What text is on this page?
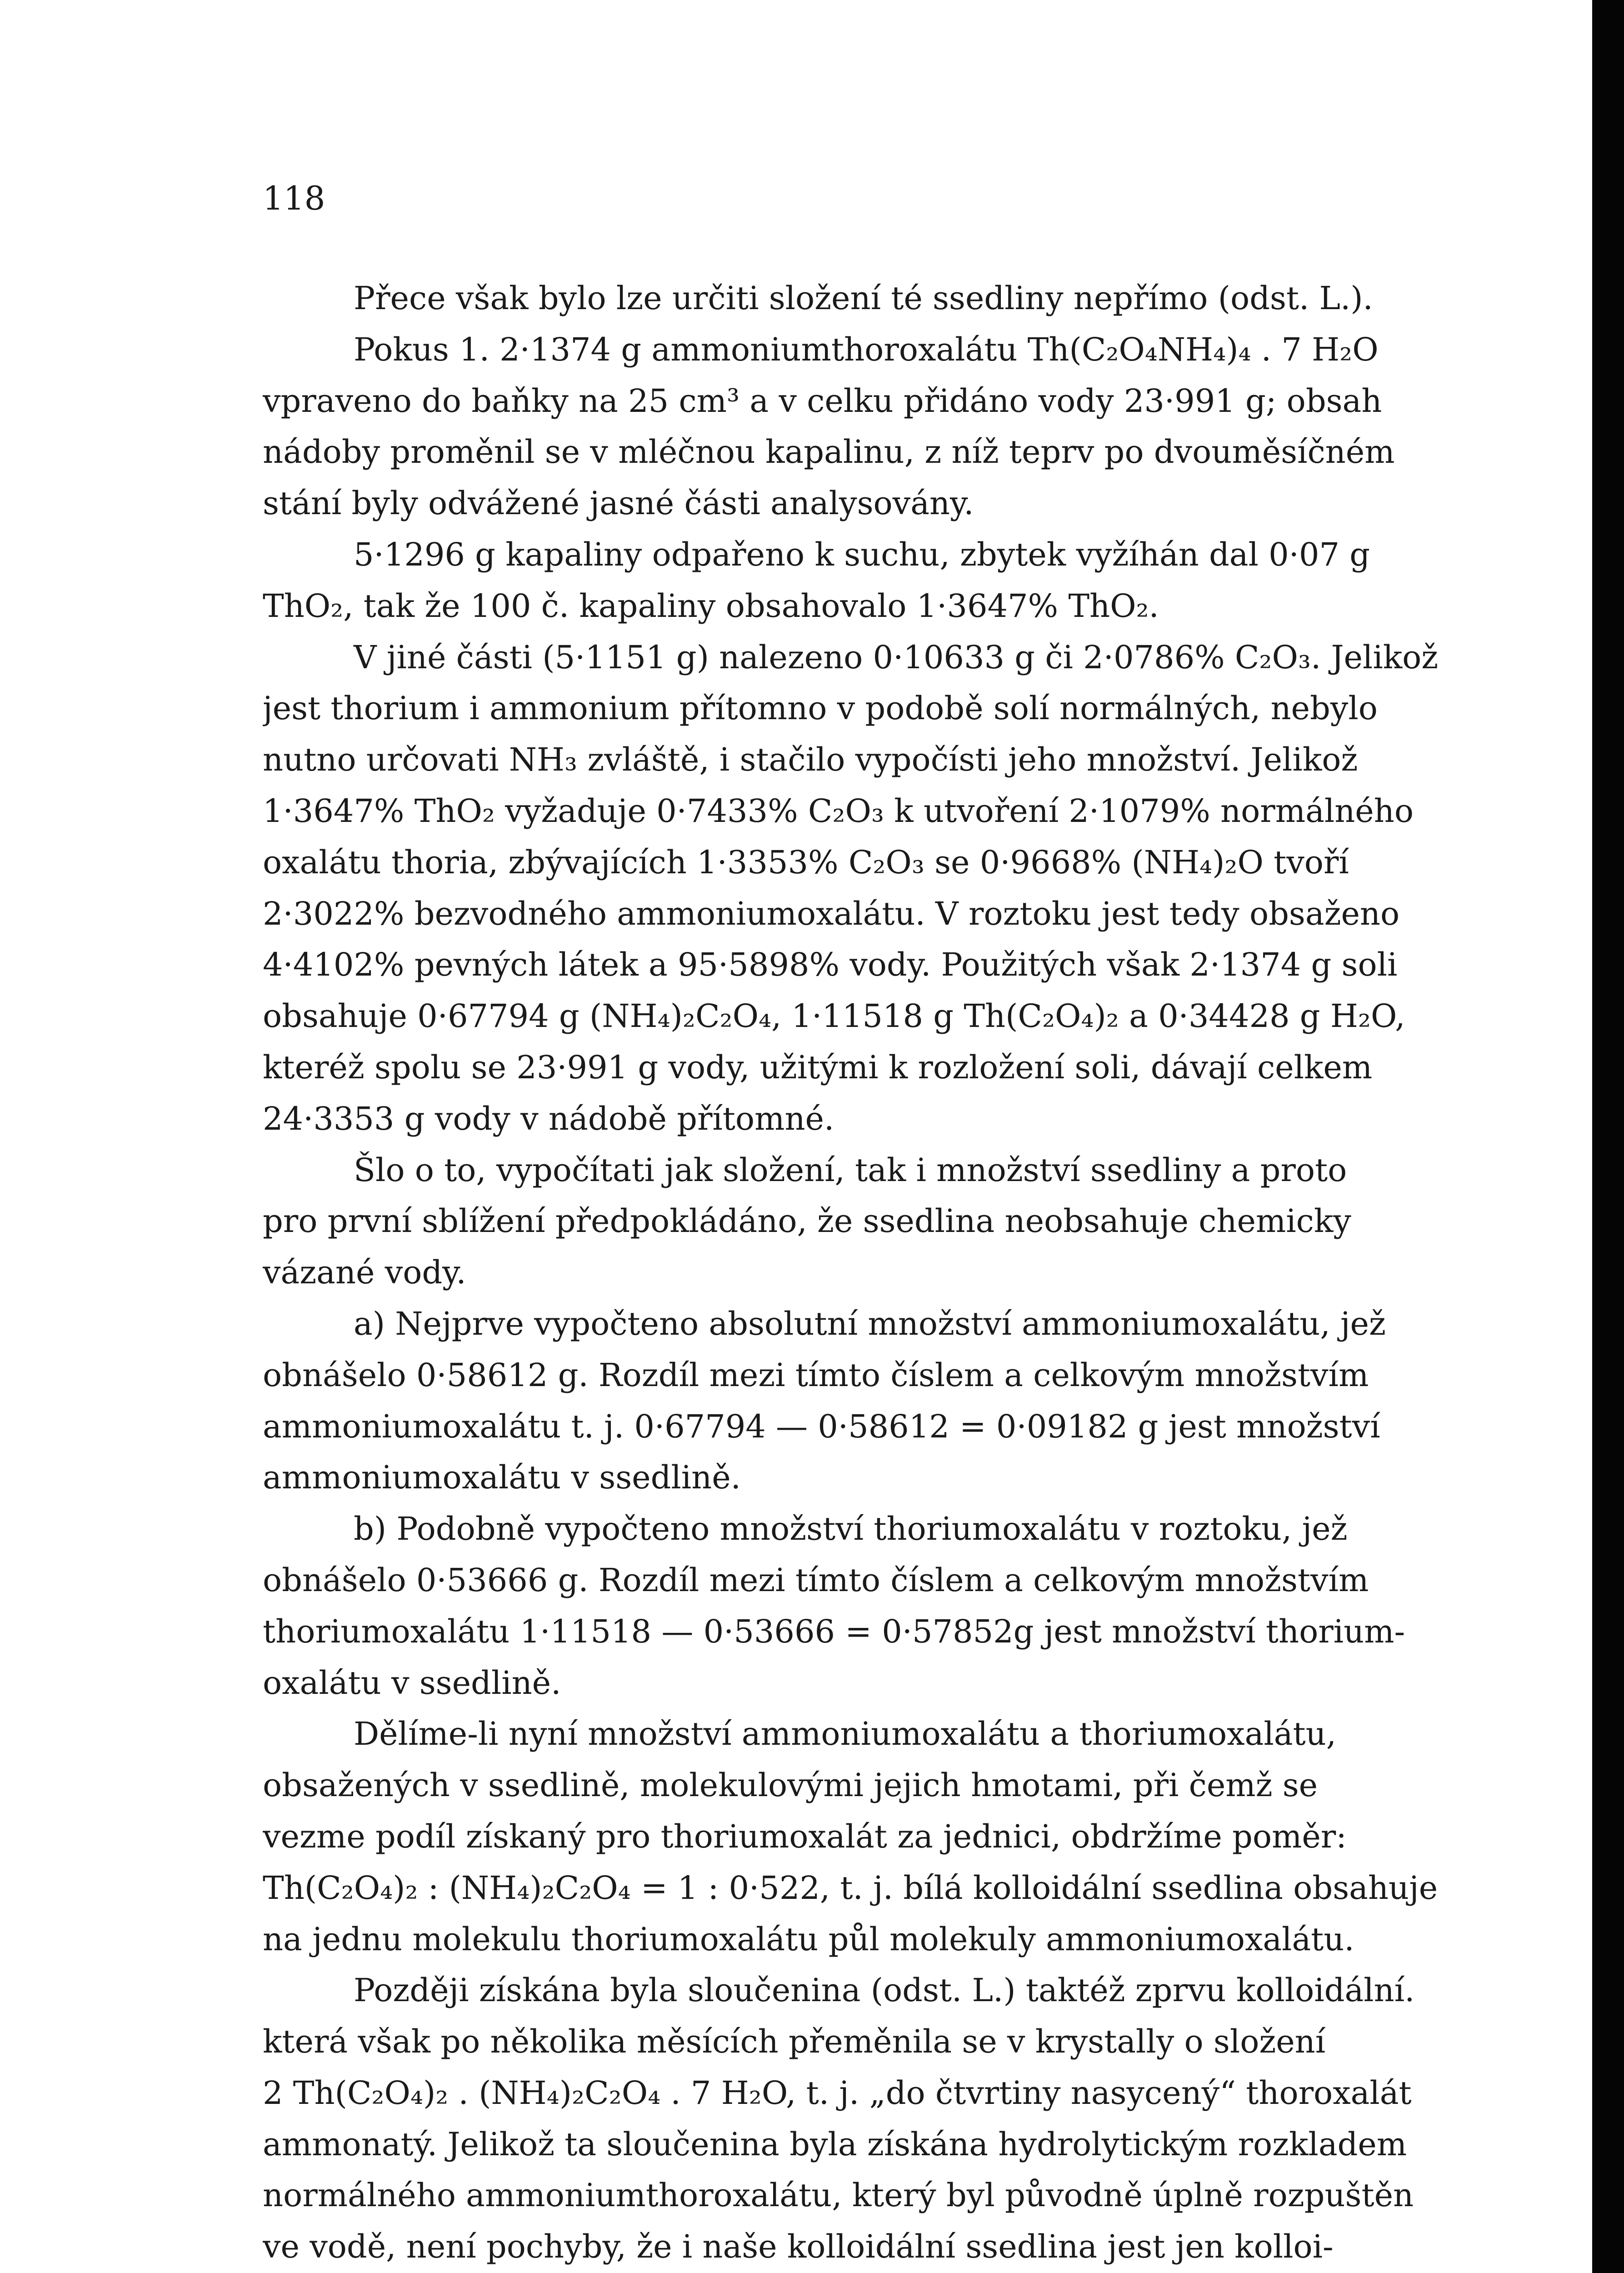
118
Přece však bylo lze určiti složení té ssedliny nepřímo (odst. L.).
Pokus 1. 2·1374 g ammoniumthoroxalátu Th(C₂O₄NH₄)₄ . 7 H₂O
vpraveno do baňky na 25 cm³ a v celku přidáno vody 23·991 g; obsah
nádoby proměnil se v mléčnou kapalinu, z níž teprv po dvouměsíčném
stání byly odvážené jasné části analysovány.
5·1296 g kapaliny odpařeno k suchu, zbytek vyžíhán dal 0·07 g
ThO₂, tak že 100 č. kapaliny obsahovalo 1·3647% ThO₂.
V jiné části (5·1151 g) nalezeno 0·10633 g či 2·0786% C₂O₃. Jelikož
jest thorium i ammonium přítomno v podobě solí normálných, nebylo
nutno určovati NH₃ zvláště, i stačilo vypočísti jeho množství. Jelikož
1·3647% ThO₂ vyžaduje 0·7433% C₂O₃ k utvoření 2·1079% normálného
oxalátu thoria, zbývajících 1·3353% C₂O₃ se 0·9668% (NH₄)₂O tvoří
2·3022% bezvodného ammoniumoxalátu. V roztoku jest tedy obsaženo
4·4102% pevných látek a 95·5898% vody. Použitých však 2·1374 g soli
obsahuje 0·67794 g (NH₄)₂C₂O₄, 1·11518 g Th(C₂O₄)₂ a 0·34428 g H₂O,
kteréž spolu se 23·991 g vody, užitými k rozložení soli, dávají celkem
24·3353 g vody v nádobě přítomné.
Šlo o to, vypočítati jak složení, tak i množství ssedliny a proto
pro první sblížení předpokládáno, že ssedlina neobsahuje chemicky
vázané vody.
a) Nejprve vypočteno absolutní množství ammoniumoxalátu, jež
obnášelo 0·58612 g. Rozdíl mezi tímto číslem a celkovým množstvím
ammoniumoxalátu t. j. 0·67794 — 0·58612 = 0·09182 g jest množství
ammoniumoxalátu v ssedlině.
b) Podobně vypočteno množství thoriumoxalátu v roztoku, jež
obnášelo 0·53666 g. Rozdíl mezi tímto číslem a celkovým množstvím
thoriumoxalátu 1·11518 — 0·53666 = 0·57852g jest množství thorium-
oxalátu v ssedlině.
Dělíme-li nyní množství ammoniumoxalátu a thoriumoxalátu,
obsažených v ssedlině, molekulovými jejich hmotami, při čemž se
vezme podíl získaný pro thoriumoxalát za jednici, obdržíme poměr:
Th(C₂O₄)₂ : (NH₄)₂C₂O₄ = 1 : 0·522, t. j. bílá kolloidální ssedlina obsahuje
na jednu molekulu thoriumoxalátu půl molekuly ammoniumoxalátu.
Později získána byla sloučenina (odst. L.) taktéž zprvu kolloidální.
která však po několika měsících přeměnila se v krystally o složení
2 Th(C₂O₄)₂ . (NH₄)₂C₂O₄ . 7 H₂O, t. j. „do čtvrtiny nasycený“ thoroxalát
ammonatý. Jelikož ta sloučenina byla získána hydrolytickým rozkladem
normálného ammoniumthoroxalátu, který byl původně úplně rozpuštěn
ve vodě, není pochyby, že i naše kolloidální ssedlina jest jen kolloi-
